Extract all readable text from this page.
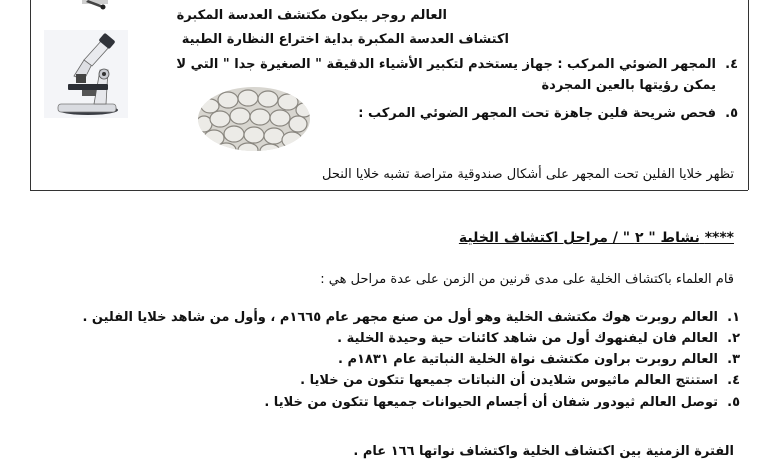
العالم روجر بيكون مكتشف العدسة المكبرة
اكتشاف العدسة المكبرة بداية اختراع النظارة الطبية
٤.
المجهر الضوئي المركب : جهاز يستخدم لتكبير الأشياء الدقيقة " الصغيرة جدا " التي لا
يمكن رؤيتها بالعين المجردة
٥.
فحص شريحة فلين جاهزة تحت المجهر الضوئي المركب :
تظهر خلايا الفلين تحت المجهر على أشكال صندوقية متراصة تشبه خلايا النحل
**** نشاط " ٢ " / مراحل اكتشاف الخلية
قام العلماء باكتشاف الخلية على مدى قرنين من الزمن على عدة مراحل هي :
١.
العالم روبرت هوك مكتشف الخلية وهو أول من صنع مجهر عام ١٦٦٥م ، وأول من شاهد خلايا الفلين .
٢.
العالم فان ليفنهوك أول من شاهد كائنات حية وحيدة الخلية .
٣.
العالم روبرت براون مكتشف نواة الخلية النباتية عام ١٨٣١م .
٤.
استنتج العالم ماثيوس شلايدن أن النباتات جميعها تتكون من خلايا .
٥.
توصل العالم ثيودور شفان أن أجسام الحيوانات جميعها تتكون من خلايا .
الفترة الزمنية بين اكتشاف الخلية واكتشاف نواتها ١٦٦ عام .
